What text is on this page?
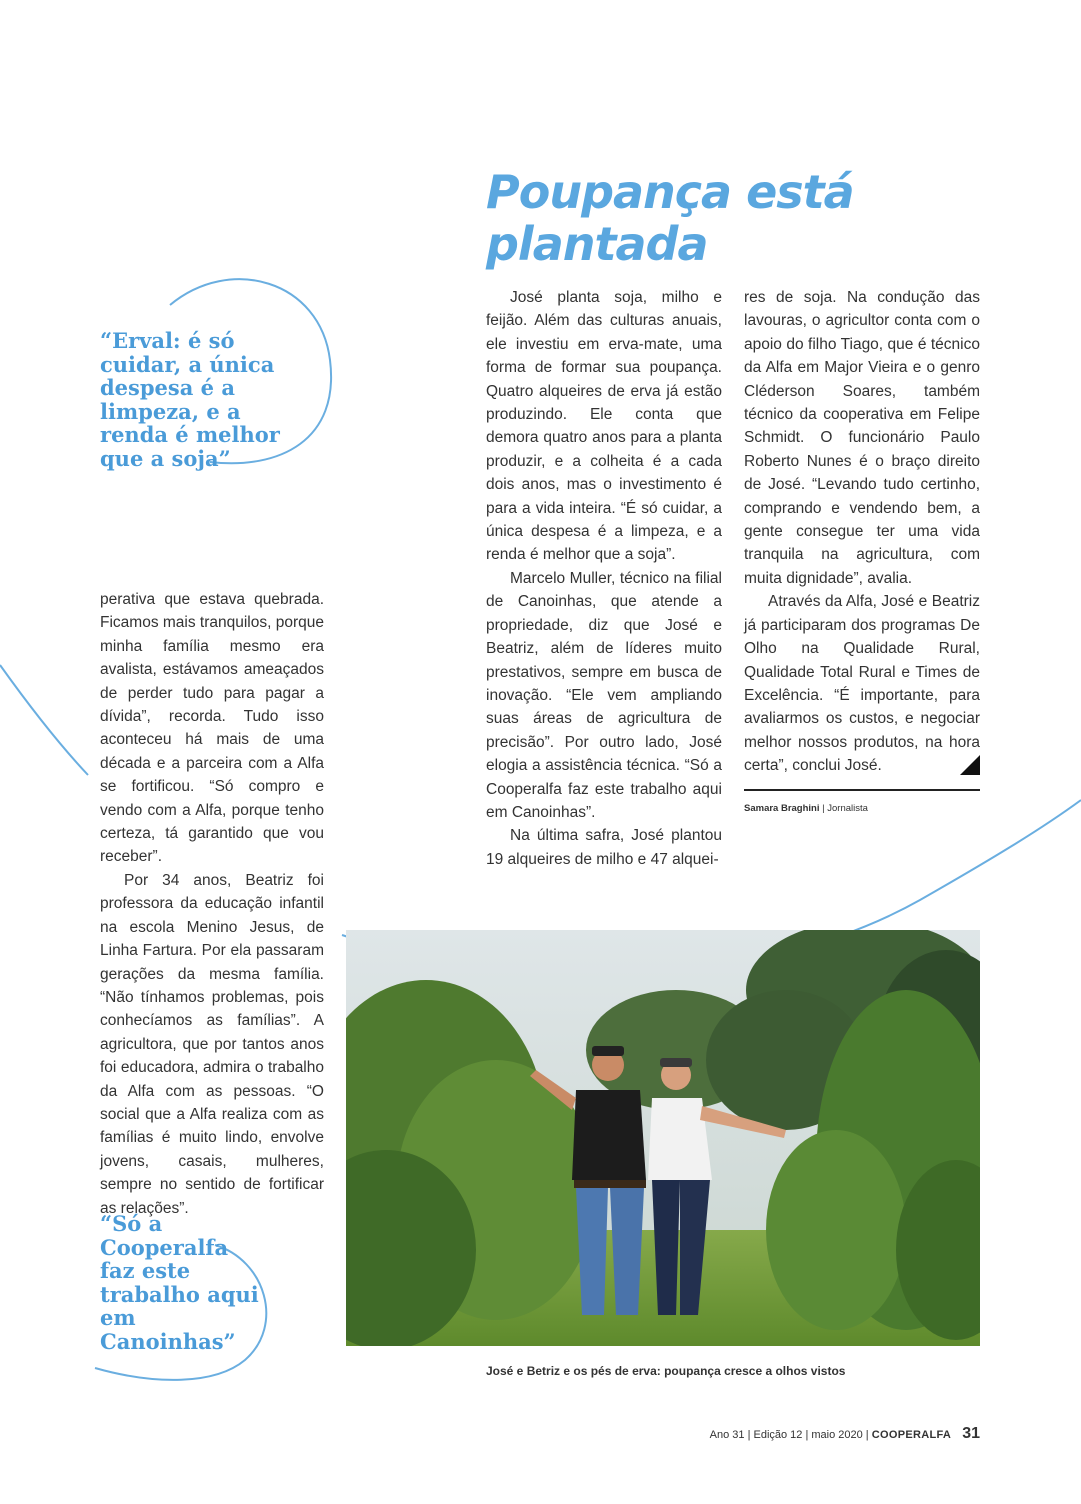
Poupança está plantada

“Erval: é só cuidar, a única despesa é a limpeza, e a renda é melhor que a soja”

perativa que estava quebrada. Ficamos mais tranquilos, porque minha família mesmo era avalista, estávamos ameaçados de perder tudo para pagar a dívida”, recorda. Tudo isso aconteceu há mais de uma década e a parceira com a Alfa se fortificou. “Só compro e vendo com a Alfa, porque tenho certeza, tá garantido que vou receber”.

Por 34 anos, Beatriz foi professora da educação infantil na escola Menino Jesus, de Linha Fartura. Por ela passaram gerações da mesma família. “Não tínhamos problemas, pois conhecíamos as famílias”. A agricultora, que por tantos anos foi educadora, admira o trabalho da Alfa com as pessoas. “O social que a Alfa realiza com as famílias é muito lindo, envolve jovens, casais, mulheres, sempre no sentido de fortificar as relações”.

José planta soja, milho e feijão. Além das culturas anuais, ele investiu em erva-mate, uma forma de formar sua poupança. Quatro alqueires de erva já estão produzindo. Ele conta que demora quatro anos para a planta produzir, e a colheita é a cada dois anos, mas o investimento é para a vida inteira. “É só cuidar, a única despesa é a limpeza, e a renda é melhor que a soja”.

Marcelo Muller, técnico na filial de Canoinhas, que atende a propriedade, diz que José e Beatriz, além de líderes muito prestativos, sempre em busca de inovação. “Ele vem ampliando suas áreas de agricultura de precisão”. Por outro lado, José elogia a assistência técnica. “Só a Cooperalfa faz este trabalho aqui em Canoinhas”.

Na última safra, José plantou 19 alqueires de milho e 47 alquei-

res de soja. Na condução das lavouras, o agricultor conta com o apoio do filho Tiago, que é técnico da Alfa em Major Vieira e o genro Cléderson Soares, também técnico da cooperativa em Felipe Schmidt. O funcionário Paulo Roberto Nunes é o braço direito de José. “Levando tudo certinho, comprando e vendendo bem, a gente consegue ter uma vida tranquila na agricultura, com muita dignidade”, avalia.

Através da Alfa, José e Beatriz já participaram dos programas De Olho na Qualidade Rural, Qualidade Total Rural e Times de Excelência. “É importante, para avaliarmos os custos, e negociar melhor nossos produtos, na hora certa”, conclui José.

Samara Braghini | Jornalista

“Só a Cooperalfa faz este trabalho aqui em Canoinhas”

José e Betriz e os pés de erva: poupança cresce a olhos vistos

Ano 31 | Edição 12 | maio 2020 | COOPERALFA 31
